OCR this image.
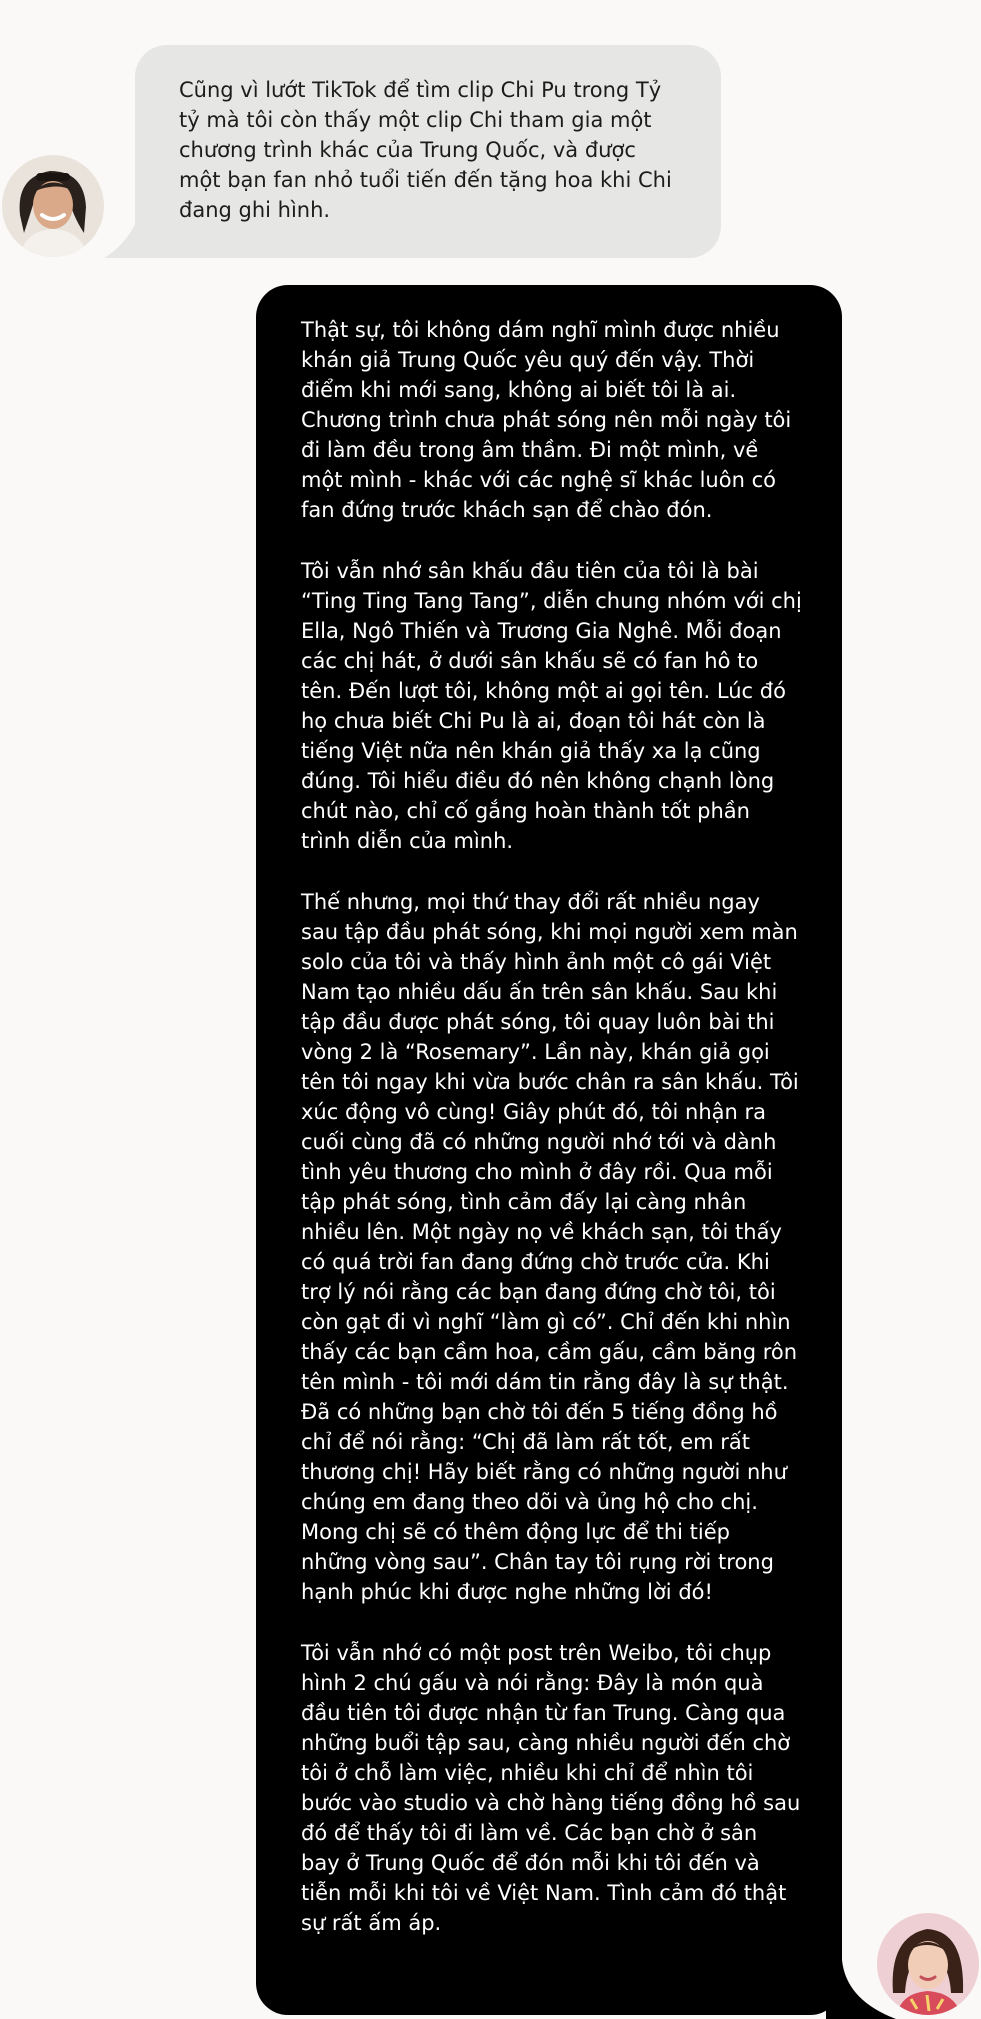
Cũng vì lướt TikTok để tìm clip Chi Pu trong Tỷ tỷ mà tôi còn thấy một clip Chi tham gia một chương trình khác của Trung Quốc, và được một bạn fan nhỏ tuổi tiến đến tặng hoa khi Chi đang ghi hình.

Thật sự, tôi không dám nghĩ mình được nhiều khán giả Trung Quốc yêu quý đến vậy. Thời điểm khi mới sang, không ai biết tôi là ai. Chương trình chưa phát sóng nên mỗi ngày tôi đi làm đều trong âm thầm. Đi một mình, về một mình - khác với các nghệ sĩ khác luôn có fan đứng trước khách sạn để chào đón.

Tôi vẫn nhớ sân khấu đầu tiên của tôi là bài “Ting Ting Tang Tang”, diễn chung nhóm với chị Ella, Ngô Thiến và Trương Gia Nghê. Mỗi đoạn các chị hát, ở dưới sân khấu sẽ có fan hô to tên. Đến lượt tôi, không một ai gọi tên. Lúc đó họ chưa biết Chi Pu là ai, đoạn tôi hát còn là tiếng Việt nữa nên khán giả thấy xa lạ cũng đúng. Tôi hiểu điều đó nên không chạnh lòng chút nào, chỉ cố gắng hoàn thành tốt phần trình diễn của mình.

Thế nhưng, mọi thứ thay đổi rất nhiều ngay sau tập đầu phát sóng, khi mọi người xem màn solo của tôi và thấy hình ảnh một cô gái Việt Nam tạo nhiều dấu ấn trên sân khấu. Sau khi tập đầu được phát sóng, tôi quay luôn bài thi vòng 2 là “Rosemary”. Lần này, khán giả gọi tên tôi ngay khi vừa bước chân ra sân khấu. Tôi xúc động vô cùng! Giây phút đó, tôi nhận ra cuối cùng đã có những người nhớ tới và dành tình yêu thương cho mình ở đây rồi. Qua mỗi tập phát sóng, tình cảm đấy lại càng nhân nhiều lên. Một ngày nọ về khách sạn, tôi thấy có quá trời fan đang đứng chờ trước cửa. Khi trợ lý nói rằng các bạn đang đứng chờ tôi, tôi còn gạt đi vì nghĩ “làm gì có”. Chỉ đến khi nhìn thấy các bạn cầm hoa, cầm gấu, cầm băng rôn tên mình - tôi mới dám tin rằng đây là sự thật. Đã có những bạn chờ tôi đến 5 tiếng đồng hồ chỉ để nói rằng: “Chị đã làm rất tốt, em rất thương chị! Hãy biết rằng có những người như chúng em đang theo dõi và ủng hộ cho chị. Mong chị sẽ có thêm động lực để thi tiếp những vòng sau”. Chân tay tôi rụng rời trong hạnh phúc khi được nghe những lời đó!

Tôi vẫn nhớ có một post trên Weibo, tôi chụp hình 2 chú gấu và nói rằng: Đây là món quà đầu tiên tôi được nhận từ fan Trung. Càng qua những buổi tập sau, càng nhiều người đến chờ tôi ở chỗ làm việc, nhiều khi chỉ để nhìn tôi bước vào studio và chờ hàng tiếng đồng hồ sau đó để thấy tôi đi làm về. Các bạn chờ ở sân bay ở Trung Quốc để đón mỗi khi tôi đến và tiễn mỗi khi tôi về Việt Nam. Tình cảm đó thật sự rất ấm áp.
